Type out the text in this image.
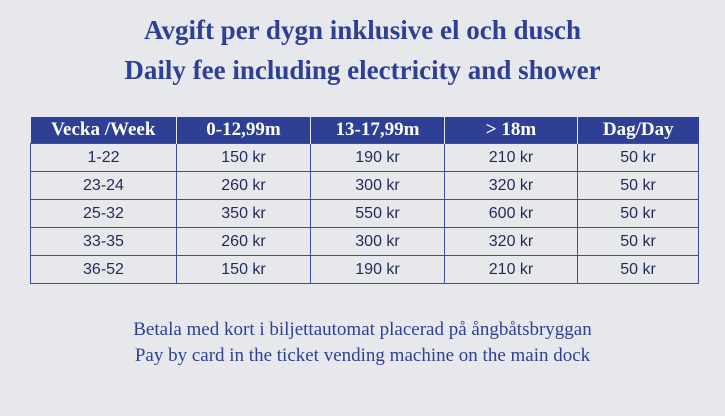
Avgift per dygn inklusive el och dusch
Daily fee including electricity and shower
Vecka /Week	0-12,99m	13-17,99m	> 18m	Dag/Day
1-22	150 kr	190 kr	210 kr	50 kr
23-24	260 kr	300 kr	320 kr	50 kr
25-32	350 kr	550 kr	600 kr	50 kr
33-35	260 kr	300 kr	320 kr	50 kr
36-52	150 kr	190 kr	210 kr	50 kr
Betala med kort i biljettautomat placerad på ångbåtsbryggan
Pay by card in the ticket vending machine on the main dock
